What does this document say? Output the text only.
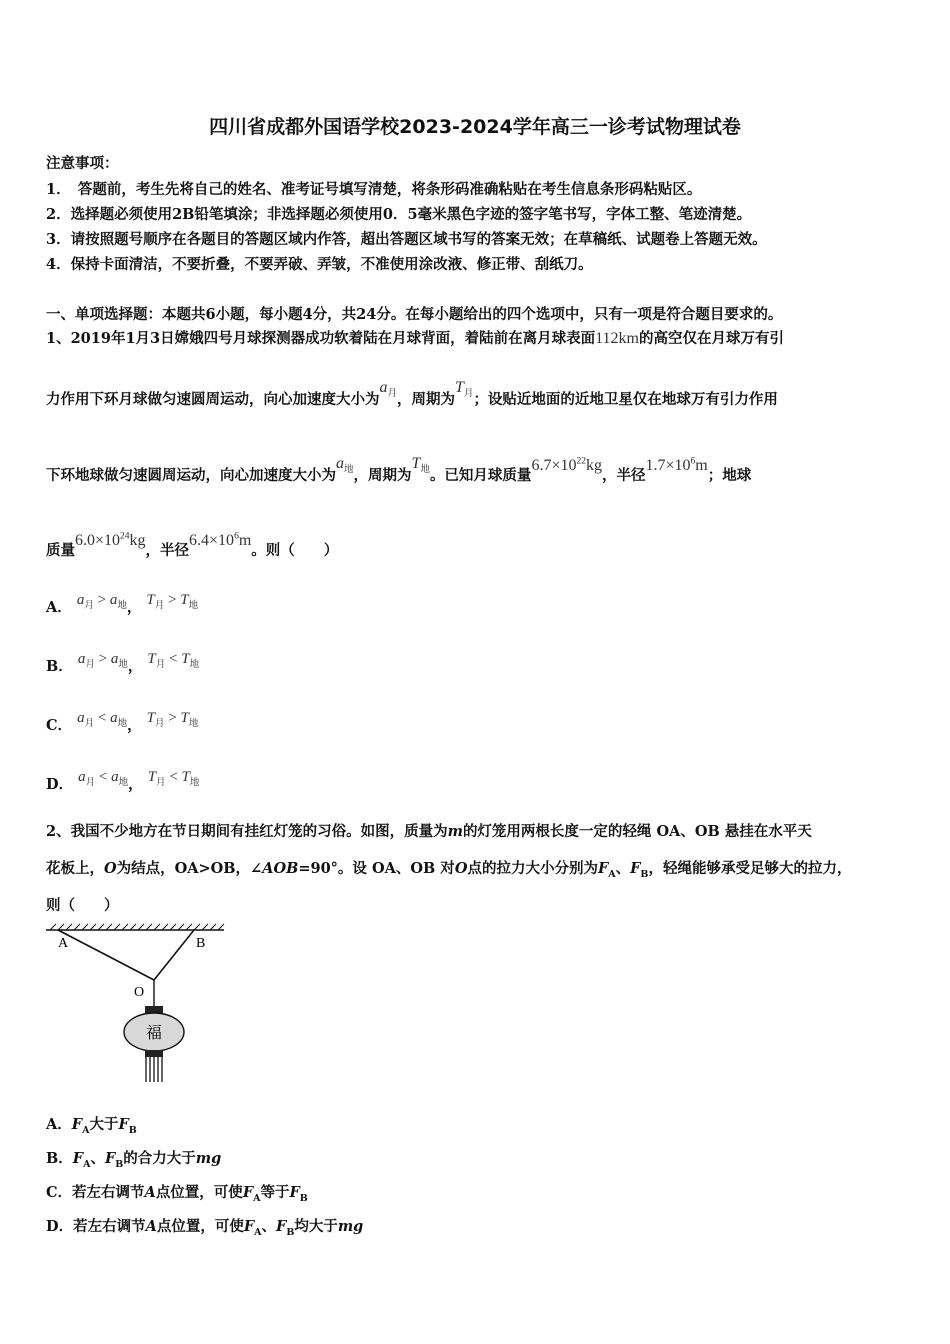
四川省成都外国语学校2023-2024学年高三一诊考试物理试卷
注意事项：
1．　答题前，考生先将自己的姓名、准考证号填写清楚，将条形码准确粘贴在考生信息条形码粘贴区。
2．选择题必须使用2B铅笔填涂；非选择题必须使用0．5毫米黑色字迹的签字笔书写，字体工整、笔迹清楚。
3．请按照题号顺序在各题目的答题区域内作答，超出答题区域书写的答案无效；在草稿纸、试题卷上答题无效。
4．保持卡面清洁，不要折叠，不要弄破、弄皱，不准使用涂改液、修正带、刮纸刀。
一、单项选择题：本题共6小题，每小题4分，共24分。在每小题给出的四个选项中，只有一项是符合题目要求的。
1、2019年1月3日嫦娥四号月球探测器成功软着陆在月球背面，着陆前在离月球表面112km的高空仅在月球万有引
力作用下环月球做匀速圆周运动，向心加速度大小为$a_月$，周期为$T_月$；设贴近地面的近地卫星仅在地球万有引力作用
下环地球做匀速圆周运动，向心加速度大小为$a_地$，周期为$T_地$。已知月球质量$6.7\times 10^{22}kg$，半径$1.7\times 10^6m$；地球
质量$6.0\times 10^{24}kg$，半径$6.4\times 10^6m$。则（　　）
A． $a_月 > a_地$， $T_月 > T_地$
B． $a_月 > a_地$， $T_月 < T_地$
C． $a_月 < a_地$， $T_月 > T_地$
D． $a_月 < a_地$， $T_月 < T_地$
2、我国不少地方在节日期间有挂红灯笼的习俗。如图，质量为m的灯笼用两根长度一定的轻绳 OA、OB 悬挂在水平天
花板上，O为结点，OA>OB，∠AOB=90°。设 OA、OB 对O点的拉力大小分别为$F_A$、$F_B$，轻绳能够承受足够大的拉力，
则（　　）
A	B
O
福
A．$F_A$大于$F_B$
B．$F_A$、$F_B$的合力大于mg
C．若左右调节A点位置，可使$F_A$等于$F_B$
D．若左右调节A点位置，可使$F_A$、$F_B$均大于mg
